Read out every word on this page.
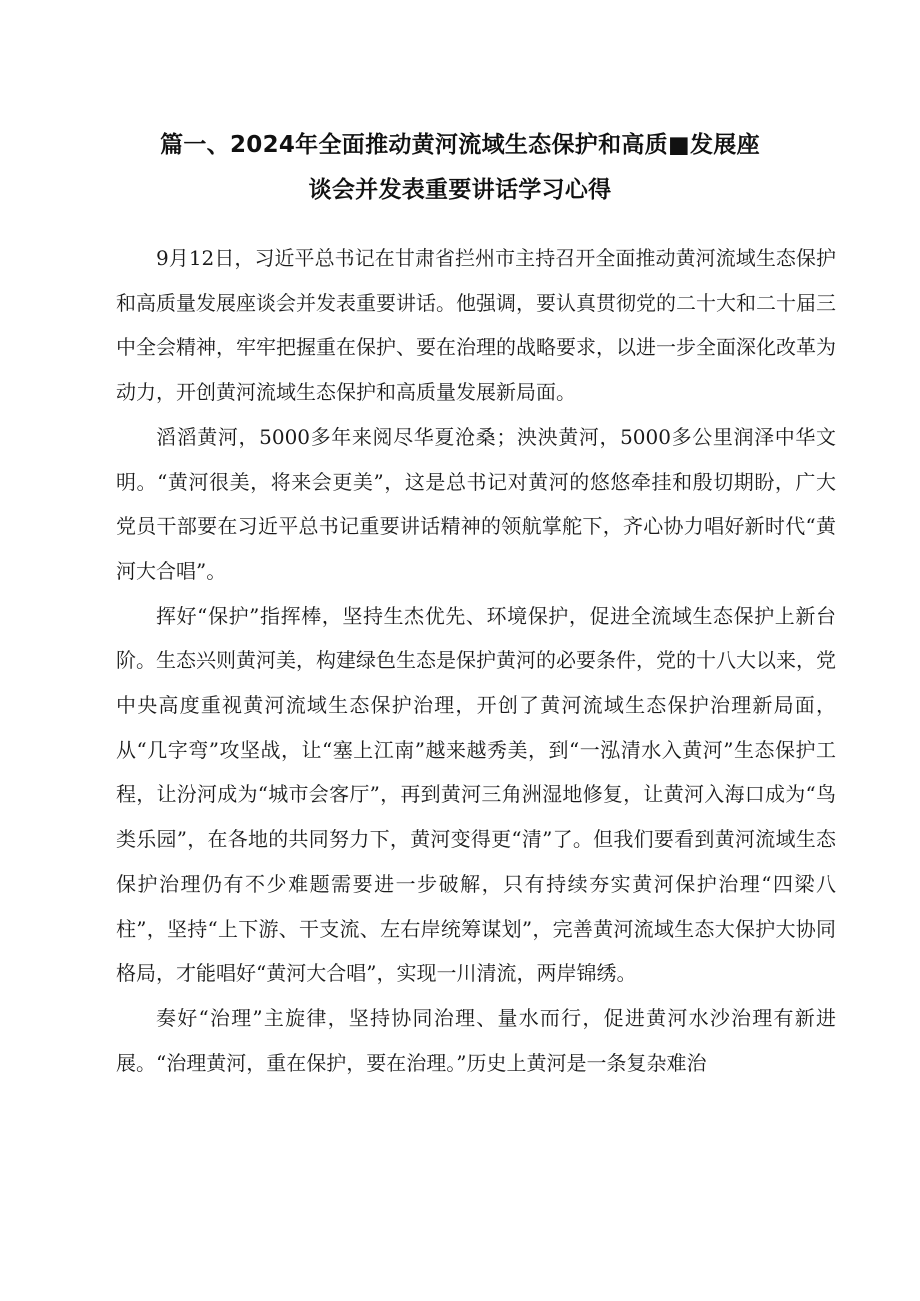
篇一、2024年全面推动黄河流域生态保护和高质■发展座
谈会并发表重要讲话学习心得

9月12日，习近平总书记在甘肃省拦州市主持召开全面推动黄河流域生态保护和高质量发展座谈会并发表重要讲话。他强调，要认真贯彻党的二十大和二十届三中全会精神，牢牢把握重在保护、要在治理的战略要求，以进一步全面深化改革为动力，开创黄河流域生态保护和高质量发展新局面。

滔滔黄河，5000多年来阅尽华夏沧桑；泱泱黄河，5000多公里润泽中华文明。“黄河很美，将来会更美”，这是总书记对黄河的悠悠牵挂和殷切期盼，广大党员干部要在习近平总书记重要讲话精神的领航掌舵下，齐心协力唱好新时代“黄河大合唱”。

挥好“保护”指挥棒，坚持生杰优先、环境保护，促进全流域生态保护上新台阶。生态兴则黄河美，构建绿色生态是保护黄河的必要条件，党的十八大以来，党中央高度重视黄河流域生态保护治理，开创了黄河流域生态保护治理新局面，从“几字弯”攻坚战，让“塞上江南”越来越秀美，到“一泓清水入黄河”生态保护工程，让汾河成为“城市会客厅”，再到黄河三角洲湿地修复，让黄河入海口成为“鸟类乐园”，在各地的共同努力下，黄河变得更“清”了。但我们要看到黄河流域生态保护治理仍有不少难题需要进一步破解，只有持续夯实黄河保护治理“四梁八柱”，坚持“上下游、干支流、左右岸统筹谋划”，完善黄河流域生态大保护大协同格局，才能唱好“黄河大合唱”，实现一川清流，两岸锦绣。

奏好“治理”主旋律，坚持协同治理、量水而行，促进黄河水沙治理有新进展。“治理黄河，重在保护，要在治理。”历史上黄河是一条复杂难治
